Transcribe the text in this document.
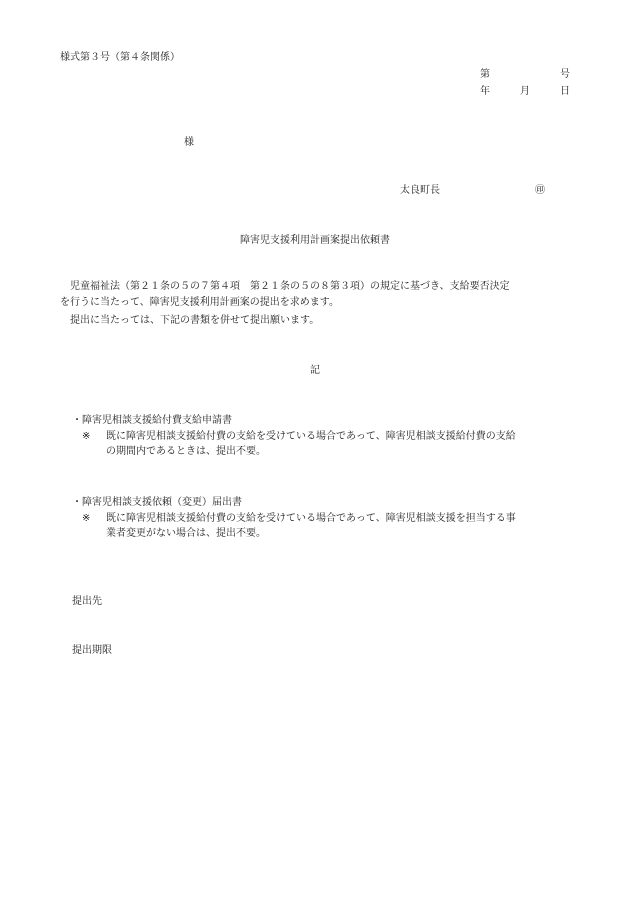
様式第３号（第４条関係）
第	号
年	月	日
様
太良町長	㊞
障害児支援利用計画案提出依頼書
　児童福祉法（第２１条の５の７第４項　第２１条の５の８第３項）の規定に基づき、支給要否決定
を行うに当たって、障害児支援利用計画案の提出を求めます。
　提出に当たっては、下記の書類を併せて提出願います。
記
・障害児相談支援給付費支給申請書
※	既に障害児相談支援給付費の支給を受けている場合であって、障害児相談支援給付費の支給
の期間内であるときは、提出不要。
・障害児相談支援依頼（変更）届出書
※	既に障害児相談支援給付費の支給を受けている場合であって、障害児相談支援を担当する事
業者変更がない場合は、提出不要。
提出先
提出期限
